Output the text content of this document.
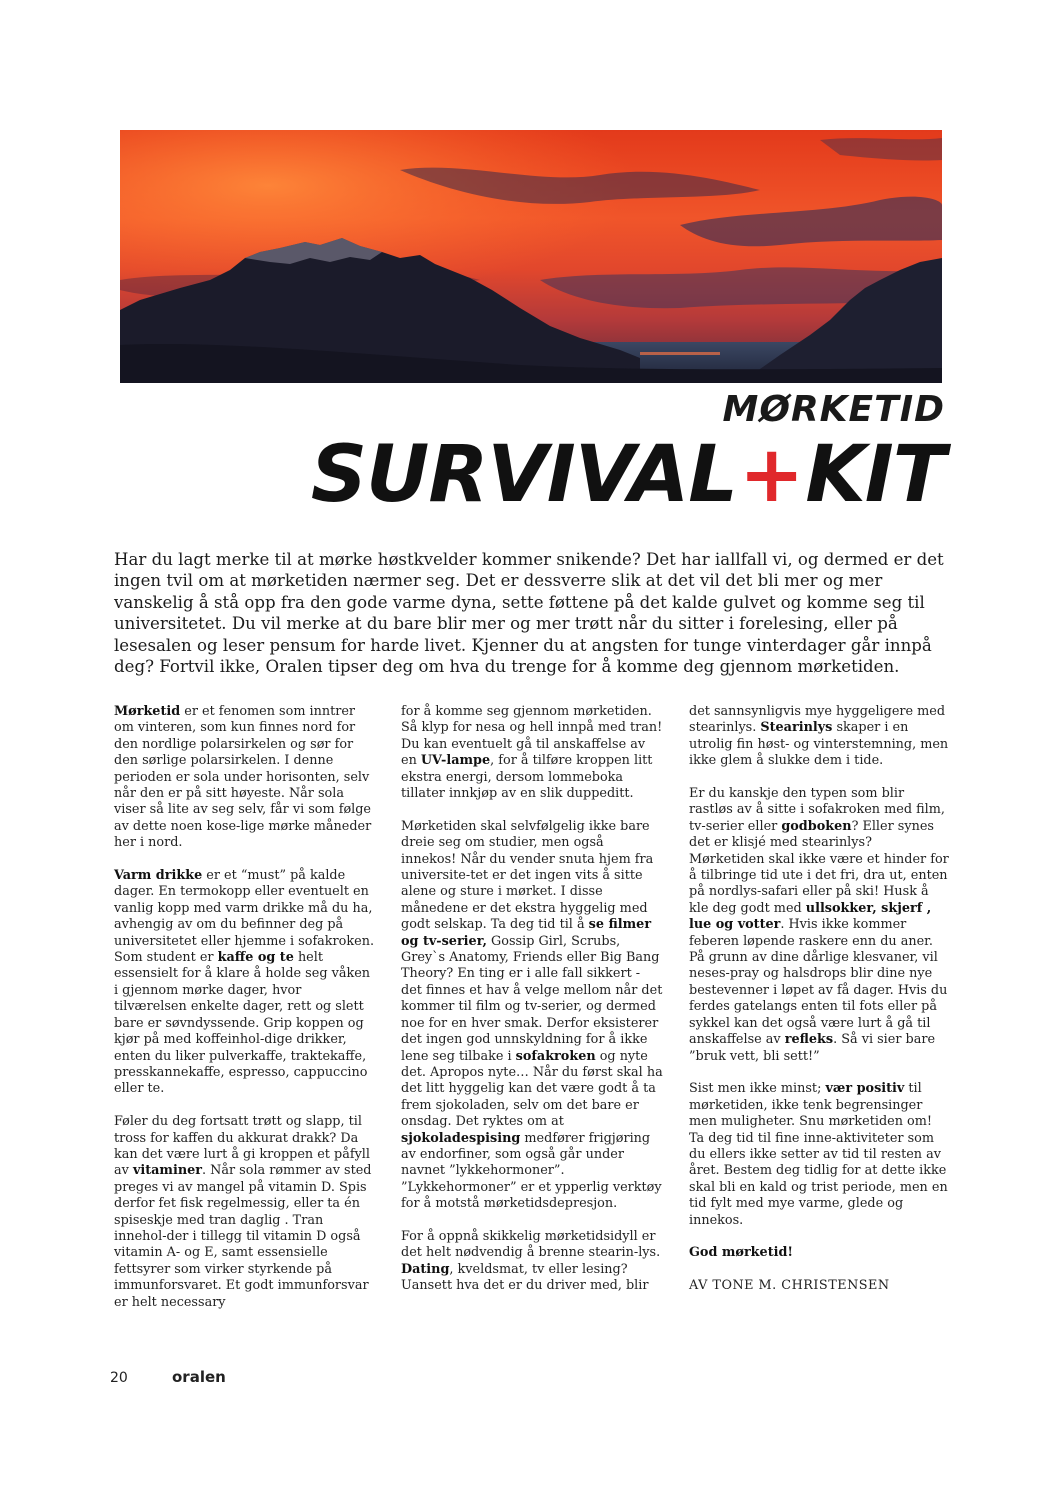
MØRKETID
SURVIVAL+KIT

Har du lagt merke til at mørke høstkvelder kommer snikende? Det har iallfall vi, og dermed er det ingen tvil om at mørketiden nærmer seg. Det er dessverre slik at det vil det bli mer og mer vanskelig å stå opp fra den gode varme dyna, sette føttene på det kalde gulvet og komme seg til universitetet. Du vil merke at du bare blir mer og mer trøtt når du sitter i forelesing, eller på lesesalen og leser pensum for harde livet. Kjenner du at angsten for tunge vinterdager går innpå deg? Fortvil ikke, Oralen tipser deg om hva du trenge for å komme deg gjennom mørketiden.

Mørketid er et fenomen som inntrer om vinteren, som kun finnes nord for den nordlige polarsirkelen og sør for den sørlige polarsirkelen. I denne perioden er sola under horisonten, selv når den er på sitt høyeste. Når sola viser så lite av seg selv, får vi som følge av dette noen kose-lige mørke måneder her i nord.

Varm drikke er et “must” på kalde dager. En termokopp eller eventuelt en vanlig kopp med varm drikke må du ha, avhengig av om du befinner deg på universitetet eller hjemme i sofakroken. Som student er kaffe og te helt essensielt for å klare å holde seg våken i gjennom mørke dager, hvor tilværelsen enkelte dager, rett og slett bare er søvndyssende. Grip koppen og kjør på med koffeinhol-dige drikker, enten du liker pulverkaffe, traktekaffe, presskannekaffe, espresso, cappuccino eller te.

Føler du deg fortsatt trøtt og slapp, til tross for kaffen du akkurat drakk? Da kan det være lurt å gi kroppen et påfyll av vitaminer. Når sola rømmer av sted preges vi av mangel på vitamin D. Spis derfor fet fisk regelmessig, eller ta én spiseskje med tran daglig . Tran innehol-der i tillegg til vitamin D også vitamin A- og E, samt essensielle fettsyrer som virker styrkende på immunforsvaret. Et godt immunforsvar er helt necessary

for å komme seg gjennom mørketiden. Så klyp for nesa og hell innpå med tran! Du kan eventuelt gå til anskaffelse av en UV-lampe, for å tilføre kroppen litt ekstra energi, dersom lommeboka tillater innkjøp av en slik duppeditt.

Mørketiden skal selvfølgelig ikke bare dreie seg om studier, men også innekos! Når du vender snuta hjem fra universite-tet er det ingen vits å sitte alene og sture i mørket. I disse månedene er det ekstra hyggelig med godt selskap. Ta deg tid til å se filmer og tv-serier, Gossip Girl, Scrubs, Grey`s Anatomy, Friends eller Big Bang Theory? En ting er i alle fall sikkert - det finnes et hav å velge mellom når det kommer til film og tv-serier, og dermed noe for en hver smak. Derfor eksisterer det ingen god unnskyldning for å ikke lene seg tilbake i sofakroken og nyte det. Apropos nyte… Når du først skal ha det litt hyggelig kan det være godt å ta frem sjokoladen, selv om det bare er onsdag. Det ryktes om at sjokoladespising medfører frigjøring av endorfiner, som også går under navnet ”lykkehormoner”. ”Lykkehormoner” er et ypperlig verktøy for å motstå mørketidsdepresjon.

For å oppnå skikkelig mørketidsidyll er det helt nødvendig å brenne stearin-lys. Dating, kveldsmat, tv eller lesing? Uansett hva det er du driver med, blir

det sannsynligvis mye hyggeligere med stearinlys. Stearinlys skaper i en utrolig fin høst- og vinterstemning, men ikke glem å slukke dem i tide.

Er du kanskje den typen som blir rastløs av å sitte i sofakroken med film, tv-serier eller godboken? Eller synes det er klisjé med stearinlys? Mørketiden skal ikke være et hinder for å tilbringe tid ute i det fri, dra ut, enten på nordlys-safari eller på ski! Husk å kle deg godt med ullsokker, skjerf , lue og votter. Hvis ikke kommer feberen løpende raskere enn du aner. På grunn av dine dårlige klesvaner, vil neses-pray og halsdrops blir dine nye bestevenner i løpet av få dager. Hvis du ferdes gatelangs enten til fots eller på sykkel kan det også være lurt å gå til anskaffelse av refleks. Så vi sier bare ”bruk vett, bli sett!”

Sist men ikke minst; vær positiv til mørketiden, ikke tenk begrensinger men muligheter. Snu mørketiden om! Ta deg tid til fine inne-aktiviteter som du ellers ikke setter av tid til resten av året. Bestem deg tidlig for at dette ikke skal bli en kald og trist periode, men en tid fylt med mye varme, glede og innekos.

God mørketid!

AV TONE M. CHRISTENSEN

20	oralen
